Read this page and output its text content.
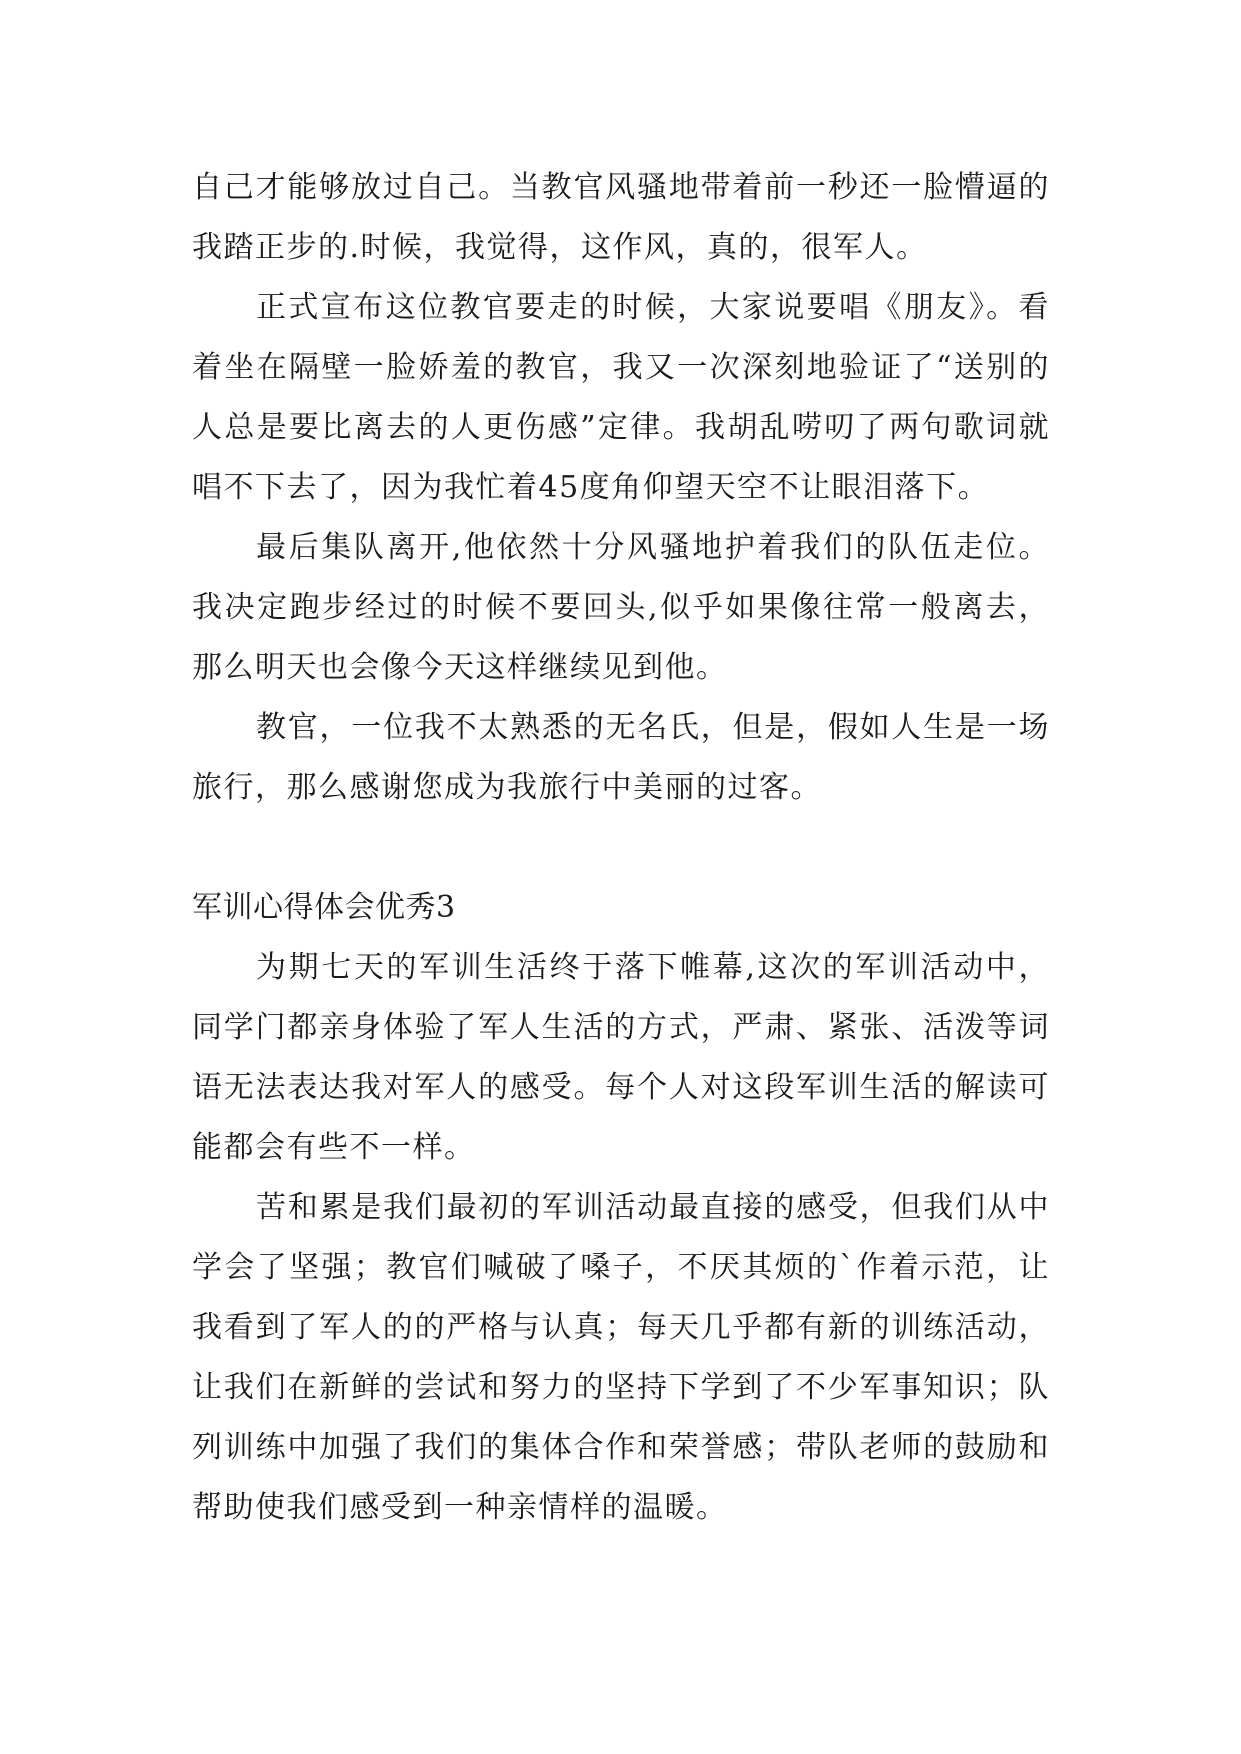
自己才能够放过自己。当教官风骚地带着前一秒还一脸懵逼的我踏正步的.时候，我觉得，这作风，真的，很军人。

正式宣布这位教官要走的时候，大家说要唱《朋友》。看着坐在隔壁一脸娇羞的教官，我又一次深刻地验证了“送别的人总是要比离去的人更伤感”定律。我胡乱唠叨了两句歌词就唱不下去了，因为我忙着45度角仰望天空不让眼泪落下。

最后集队离开,他依然十分风骚地护着我们的队伍走位。我决定跑步经过的时候不要回头,似乎如果像往常一般离去，那么明天也会像今天这样继续见到他。

教官，一位我不太熟悉的无名氏，但是，假如人生是一场旅行，那么感谢您成为我旅行中美丽的过客。

军训心得体会优秀3

为期七天的军训生活终于落下帷幕,这次的军训活动中，同学门都亲身体验了军人生活的方式，严肃、紧张、活泼等词语无法表达我对军人的感受。每个人对这段军训生活的解读可能都会有些不一样。

苦和累是我们最初的军训活动最直接的感受，但我们从中学会了坚强；教官们喊破了嗓子，不厌其烦的`作着示范，让我看到了军人的的严格与认真；每天几乎都有新的训练活动，让我们在新鲜的尝试和努力的坚持下学到了不少军事知识；队列训练中加强了我们的集体合作和荣誉感；带队老师的鼓励和帮助使我们感受到一种亲情样的温暖。
